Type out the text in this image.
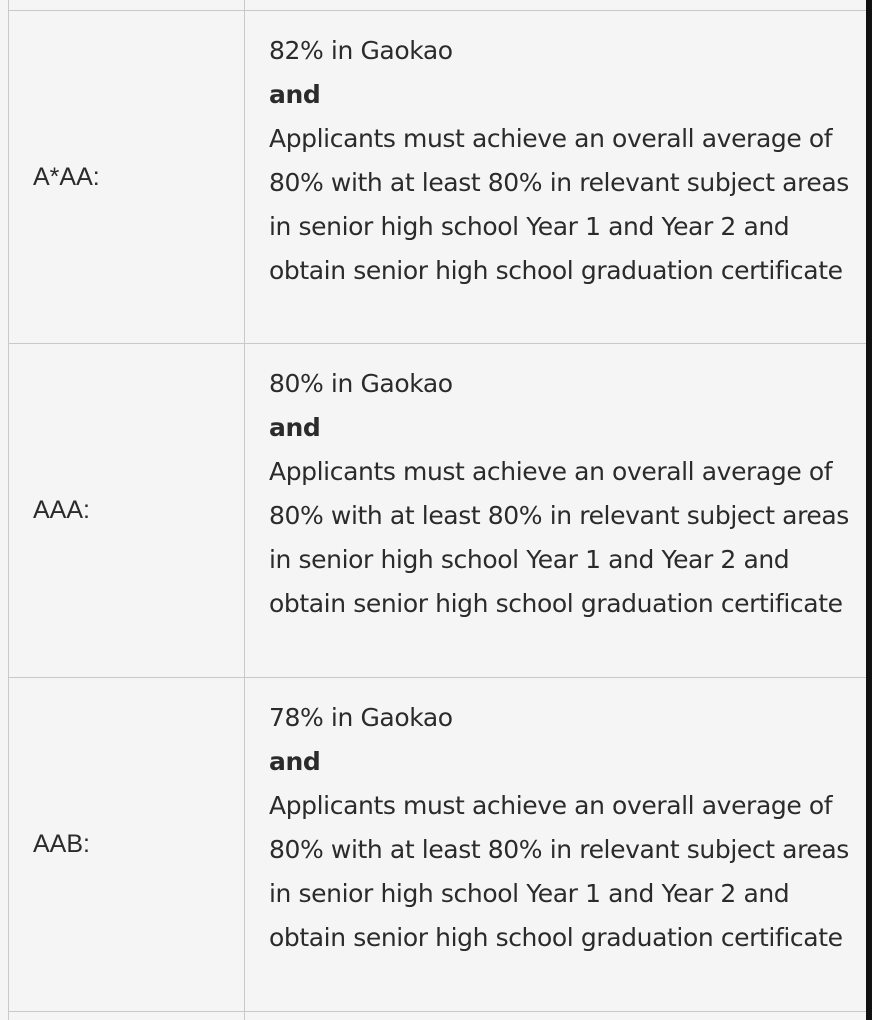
A*AA:
82% in Gaokao
and
Applicants must achieve an overall average of 80% with at least 80% in relevant subject areas in senior high school Year 1 and Year 2 and obtain senior high school graduation certificate
AAA:
80% in Gaokao
and
Applicants must achieve an overall average of 80% with at least 80% in relevant subject areas in senior high school Year 1 and Year 2 and obtain senior high school graduation certificate
AAB:
78% in Gaokao
and
Applicants must achieve an overall average of 80% with at least 80% in relevant subject areas in senior high school Year 1 and Year 2 and obtain senior high school graduation certificate
